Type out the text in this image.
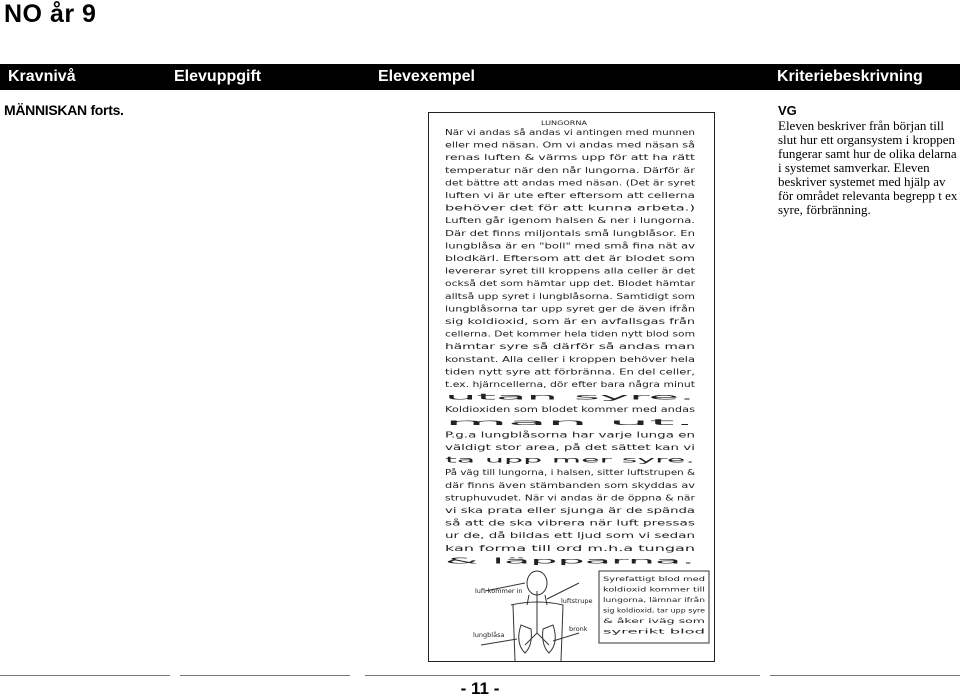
NO år 9
Kravnivå	Elevuppgift	Elevexempel	Kriteriebeskrivning
MÄNNISKAN forts.
LUNGORNA
När vi andas så andas vi antingen med munnen
eller med näsan. Om vi andas med näsan så
renas luften & värms upp för att ha rätt
temperatur när den når lungorna. Därför är
det bättre att andas med näsan. (Det är syret
luften vi är ute efter eftersom att cellerna
behöver det för att kunna arbeta.)
Luften går igenom halsen & ner i lungorna.
Där det finns miljontals små lungblåsor. En
lungblåsa är en "boll" med små fina nät av
blodkärl. Eftersom att det är blodet som
levererar syret till kroppens alla celler är det
också det som hämtar upp det. Blodet hämtar
alltså upp syret i lungblåsorna. Samtidigt som
lungblåsorna tar upp syret ger de även ifrån
sig koldioxid, som är en avfallsgas från
cellerna. Det kommer hela tiden nytt blod som
hämtar syre så därför så andas man
konstant. Alla celler i kroppen behöver hela
tiden nytt syre att förbränna. En del celler,
t.ex. hjärncellerna, dör efter bara några minut
utan syre.
Koldioxiden som blodet kommer med andas
man ut.
P.g.a lungblåsorna har varje lunga en
väldigt stor area, på det sättet kan vi
ta upp mer syre.
På väg till lungorna, i halsen, sitter luftstrupen &
där finns även stämbanden som skyddas av
struphuvudet. När vi andas är de öppna & när
vi ska prata eller sjunga är de spända
så att de ska vibrera när luft pressas
ur de, då bildas ett ljud som vi sedan
kan forma till ord m.h.a tungan
& läpparna.
luft kommer in
luftstrupe
lungblåsa
bronk
Syrefattigt blod med
koldioxid kommer till
lungorna, lämnar ifrån
sig koldioxid, tar upp syre
& åker iväg som
syrerikt blod
VG
Eleven beskriver från början till slut hur ett organsystem i kroppen fungerar samt hur de olika delarna i systemet samverkar. Eleven beskriver systemet med hjälp av för området relevanta begrepp t ex syre, förbränning.
- 11 -
